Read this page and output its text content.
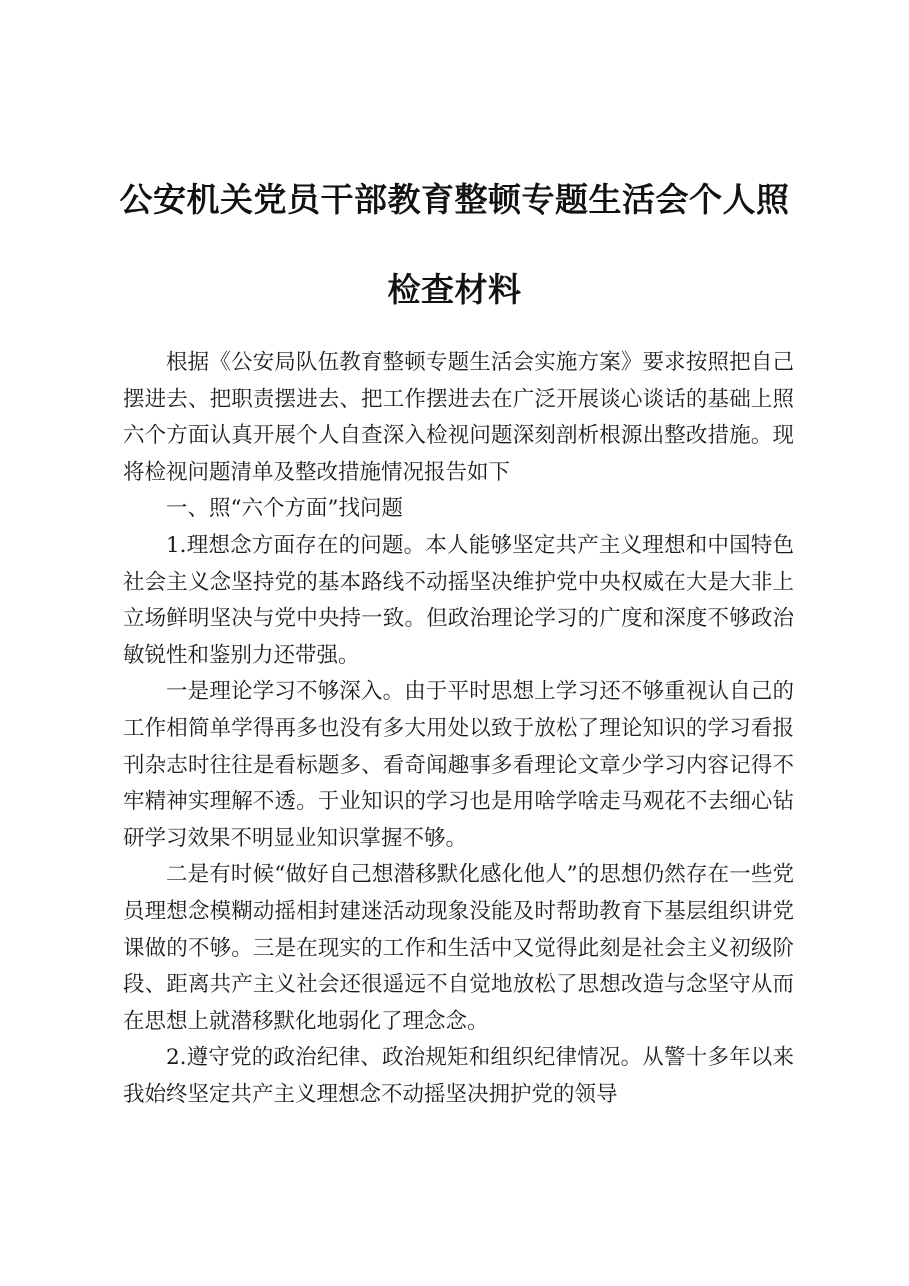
公安机关党员干部教育整顿专题生活会个人照
检查材料

根据《公安局队伍教育整顿专题生活会实施方案》要求按照把自己摆进去、把职责摆进去、把工作摆进去在广泛开展谈心谈话的基础上照六个方面认真开展个人自查深入检视问题深刻剖析根源出整改措施。现将检视问题清单及整改措施情况报告如下

一、照“六个方面”找问题

1.理想念方面存在的问题。本人能够坚定共产主义理想和中国特色社会主义念坚持党的基本路线不动摇坚决维护党中央权威在大是大非上立场鲜明坚决与党中央持一致。但政治理论学习的广度和深度不够政治敏锐性和鉴别力还带强。

一是理论学习不够深入。由于平时思想上学习还不够重视认自己的工作相简单学得再多也没有多大用处以致于放松了理论知识的学习看报刊杂志时往往是看标题多、看奇闻趣事多看理论文章少学习内容记得不牢精神实理解不透。于业知识的学习也是用啥学啥走马观花不去细心钻研学习效果不明显业知识掌握不够。

二是有时候“做好自己想潜移默化感化他人”的思想仍然存在一些党员理想念模糊动摇相封建迷活动现象没能及时帮助教育下基层组织讲党课做的不够。三是在现实的工作和生活中又觉得此刻是社会主义初级阶段、距离共产主义社会还很遥远不自觉地放松了思想改造与念坚守从而在思想上就潜移默化地弱化了理念念。

2.遵守党的政治纪律、政治规矩和组织纪律情况。从警十多年以来我始终坚定共产主义理想念不动摇坚决拥护党的领导
